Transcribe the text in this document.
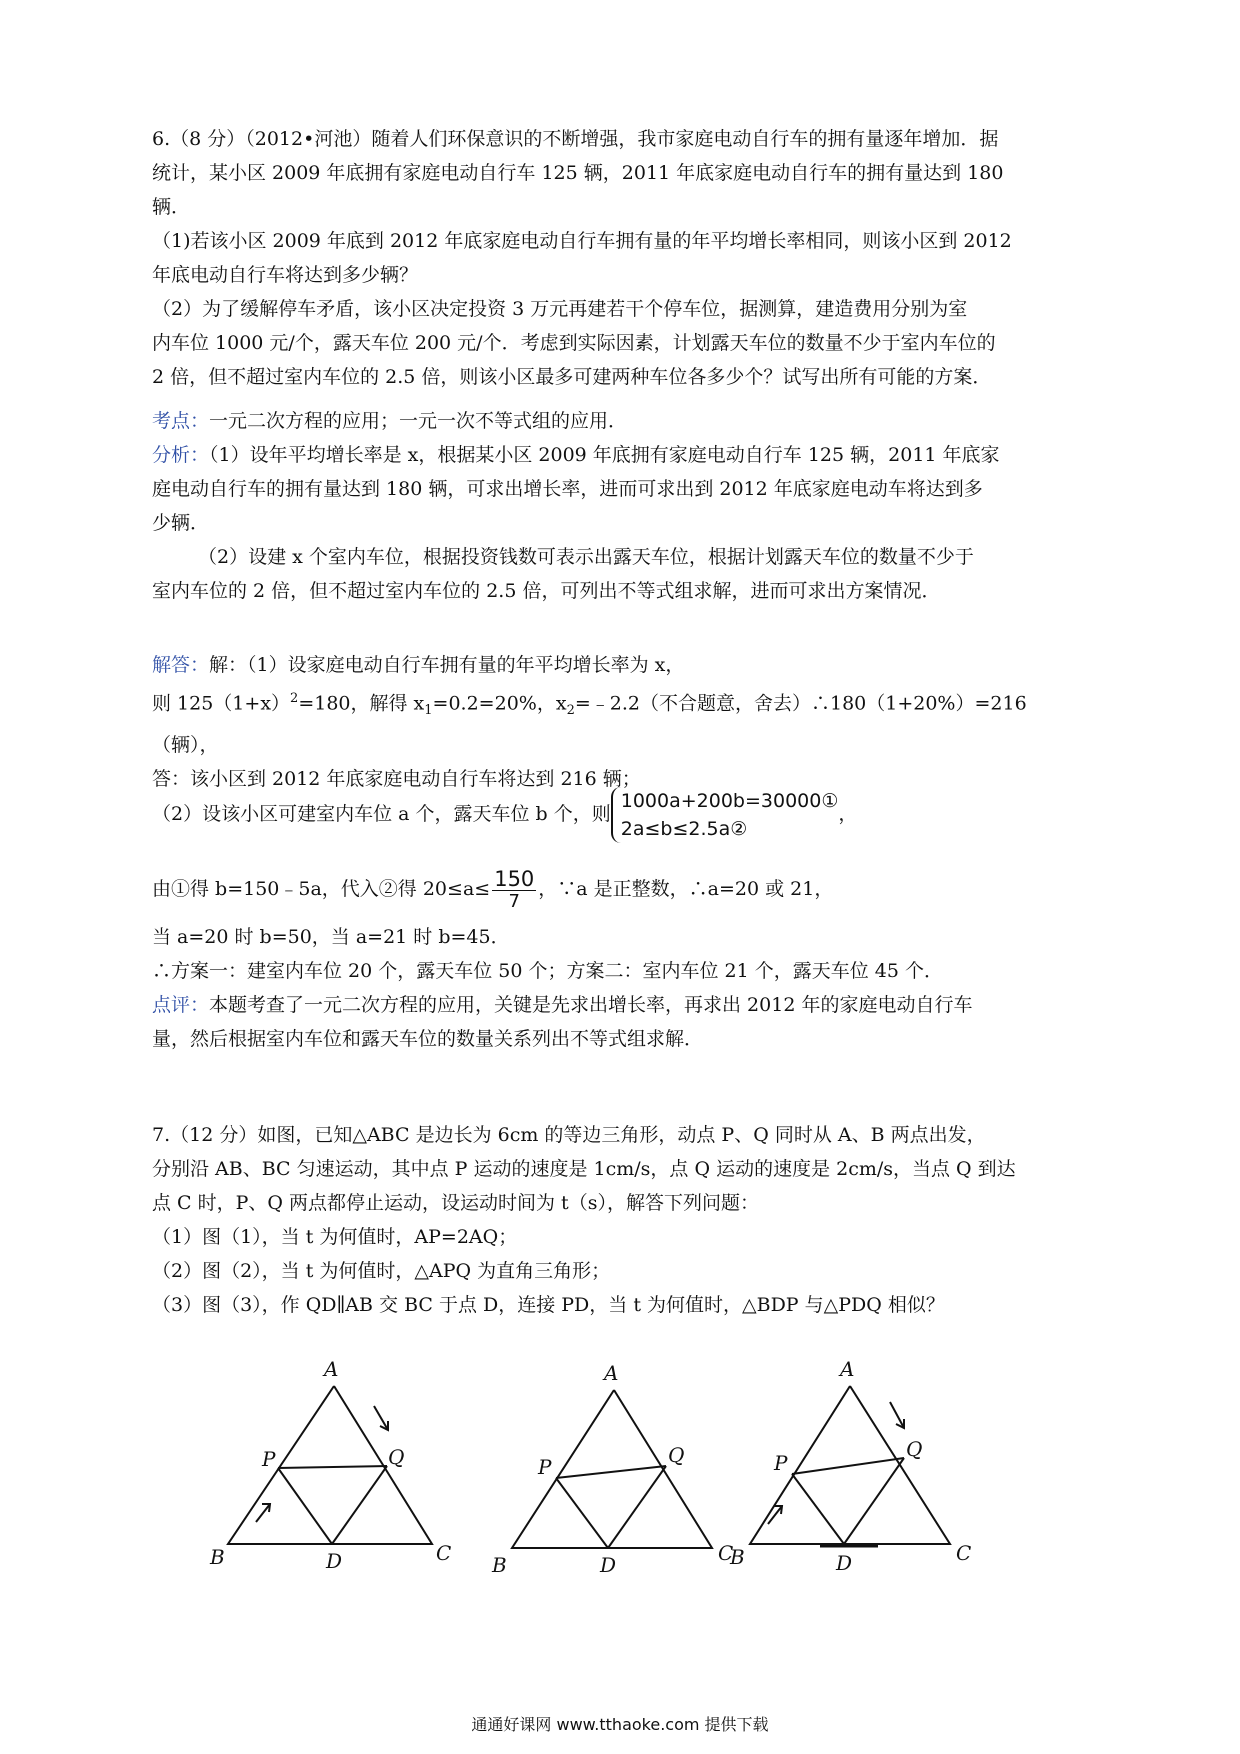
6.（8 分）（2012•河池）随着人们环保意识的不断增强，我市家庭电动自行车的拥有量逐年增加．据

统计，某小区 2009 年底拥有家庭电动自行车 125 辆，2011 年底家庭电动自行车的拥有量达到 180

辆．

（1)若该小区 2009 年底到 2012 年底家庭电动自行车拥有量的年平均增长率相同，则该小区到 2012

年底电动自行车将达到多少辆？

（2）为了缓解停车矛盾，该小区决定投资 3 万元再建若干个停车位，据测算，建造费用分别为室

内车位 1000 元/个，露天车位 200 元/个．考虑到实际因素，计划露天车位的数量不少于室内车位的

2 倍，但不超过室内车位的 2.5 倍，则该小区最多可建两种车位各多少个？试写出所有可能的方案．

考点：一元二次方程的应用；一元一次不等式组的应用．

分析：（1）设年平均增长率是 x，根据某小区 2009 年底拥有家庭电动自行车 125 辆，2011 年底家

庭电动自行车的拥有量达到 180 辆，可求出增长率，进而可求出到 2012 年底家庭电动车将达到多

少辆．

（2）设建 x 个室内车位，根据投资钱数可表示出露天车位，根据计划露天车位的数量不少于

室内车位的 2 倍，但不超过室内车位的 2.5 倍，可列出不等式组求解，进而可求出方案情况．

解答：解：（1）设家庭电动自行车拥有量的年平均增长率为 x，

则 $125(1+x)^2=180$，解得 $x_1=0.2=20\%$，$x_2=﹣2.2$（不合题意，舍去）∴180（1+20%）=216（辆），

答：该小区到 2012 年底家庭电动自行车将达到 216 辆；

（2）设该小区可建室内车位 a 个，露天车位 b 个，则
1000a+200b=30000①
2a≤b≤2.5a②
，

由①得 b=150﹣5a，代入②得 $20\le a\le \frac{150}{7}$ ，∵a 是正整数，∴a=20 或 21，

当 a=20 时 b=50，当 a=21 时 b=45．

∴方案一：建室内车位 20 个，露天车位 50 个；方案二：室内车位 21 个，露天车位 45 个．

点评：本题考查了一元二次方程的应用，关键是先求出增长率，再求出 2012 年的家庭电动自行车

量，然后根据室内车位和露天车位的数量关系列出不等式组求解．

7.（12 分）如图，已知△ABC 是边长为 6cm 的等边三角形，动点 P、Q 同时从 A、B 两点出发，

分别沿 AB、BC 匀速运动，其中点 P 运动的速度是 1cm/s，点 Q 运动的速度是 2cm/s，当点 Q 到达

点 C 时，P、Q 两点都停止运动，设运动时间为 t（s），解答下列问题：

（1）图（1），当 t 为何值时，AP=2AQ；

（2）图（2），当 t 为何值时，△APQ 为直角三角形；

（3）图（3），作 QD∥AB 交 BC 于点 D，连接 PD，当 t 为何值时，△BDP 与△PDQ 相似？

A
B	C
D
P	Q
A
B	C
D
P	Q
A
B	C
D
P
Q
通通好课网 www.tthaoke.com 提供下载
